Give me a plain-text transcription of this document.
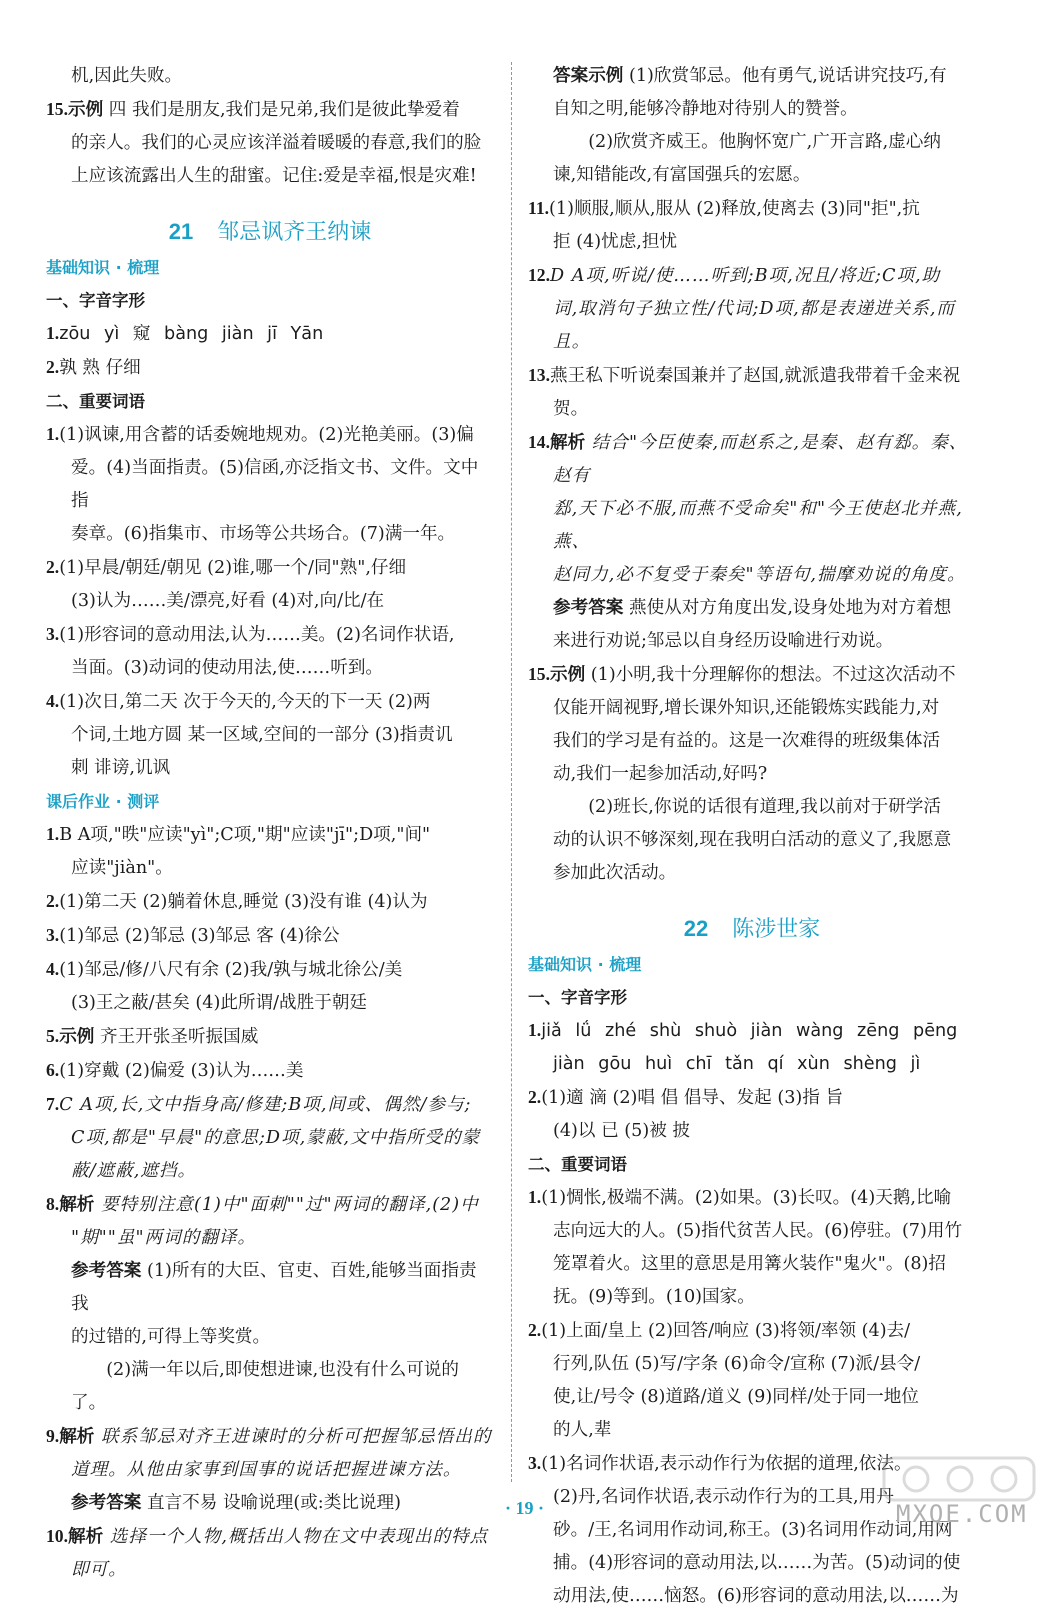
机,因此失败。

15.示例 四 我们是朋友,我们是兄弟,我们是彼此挚爱着

的亲人。我们的心灵应该洋溢着暖暖的春意,我们的脸

上应该流露出人生的甜蜜。记住:爱是幸福,恨是灾难!

21 邹忌讽齐王纳谏

基础知识 · 梳理

一、字音字形

1.zōu yì 窥 bàng jiàn jī Yān

2.孰 熟 仔细

二、重要词语

1.(1)讽谏,用含蓄的话委婉地规劝。(2)光艳美丽。(3)偏

爱。(4)当面指责。(5)信函,亦泛指文书、文件。文中指

奏章。(6)指集市、市场等公共场合。(7)满一年。

2.(1)早晨/朝廷/朝见 (2)谁,哪一个/同"熟",仔细

(3)认为……美/漂亮,好看 (4)对,向/比/在

3.(1)形容词的意动用法,认为……美。(2)名词作状语,

当面。(3)动词的使动用法,使……听到。

4.(1)次日,第二天 次于今天的,今天的下一天 (2)两

个词,土地方圆 某一区域,空间的一部分 (3)指责讥

刺 诽谤,讥讽

课后作业 · 测评

1.B A项,"昳"应读"yì";C项,"期"应读"jī";D项,"间"

应读"jiàn"。

2.(1)第二天 (2)躺着休息,睡觉 (3)没有谁 (4)认为

3.(1)邹忌 (2)邹忌 (3)邹忌 客 (4)徐公

4.(1)邹忌/修/八尺有余 (2)我/孰与城北徐公/美

(3)王之蔽/甚矣 (4)此所谓/战胜于朝廷

5.示例 齐王开张圣听振国威

6.(1)穿戴 (2)偏爱 (3)认为……美

7.C A项,长,文中指身高/修建;B项,间或、偶然/参与;

C项,都是"早晨"的意思;D项,蒙蔽,文中指所受的蒙

蔽/遮蔽,遮挡。

8.解析 要特别注意(1)中"面刺""过"两词的翻译,(2)中

"期""虽"两词的翻译。

参考答案 (1)所有的大臣、官吏、百姓,能够当面指责我

的过错的,可得上等奖赏。

(2)满一年以后,即使想进谏,也没有什么可说的了。

9.解析 联系邹忌对齐王进谏时的分析可把握邹忌悟出的

道理。从他由家事到国事的说话把握进谏方法。

参考答案 直言不易 设喻说理(或:类比说理)

10.解析 选择一个人物,概括出人物在文中表现出的特点

即可。

答案示例 (1)欣赏邹忌。他有勇气,说话讲究技巧,有

自知之明,能够冷静地对待别人的赞誉。

(2)欣赏齐威王。他胸怀宽广,广开言路,虚心纳

谏,知错能改,有富国强兵的宏愿。

11.(1)顺服,顺从,服从 (2)释放,使离去 (3)同"拒",抗

拒 (4)忧虑,担忧

12.D A项,听说/使……听到;B项,况且/将近;C项,助

词,取消句子独立性/代词;D项,都是表递进关系,而且。

13.燕王私下听说秦国兼并了赵国,就派遣我带着千金来祝贺。

14.解析 结合"今臣使秦,而赵系之,是秦、赵有郄。秦、赵有

郄,天下必不服,而燕不受命矣"和"今王使赵北并燕,燕、

赵同力,必不复受于秦矣"等语句,揣摩劝说的角度。

参考答案 燕使从对方角度出发,设身处地为对方着想

来进行劝说;邹忌以自身经历设喻进行劝说。

15.示例 (1)小明,我十分理解你的想法。不过这次活动不

仅能开阔视野,增长课外知识,还能锻炼实践能力,对

我们的学习是有益的。这是一次难得的班级集体活

动,我们一起参加活动,好吗?

(2)班长,你说的话很有道理,我以前对于研学活

动的认识不够深刻,现在我明白活动的意义了,我愿意

参加此次活动。

22 陈涉世家

基础知识 · 梳理

一、字音字形

1.jiǎ lǘ zhé shù shuò jiàn wàng zēng pēng

jiàn gōu huì chī tǎn qí xùn shèng jì

2.(1)適 滴 (2)唱 倡 倡导、发起 (3)指 旨

(4)以 已 (5)被 披

二、重要词语

1.(1)惆怅,极端不满。(2)如果。(3)长叹。(4)天鹅,比喻

志向远大的人。(5)指代贫苦人民。(6)停驻。(7)用竹

笼罩着火。这里的意思是用篝火装作"鬼火"。(8)招

抚。(9)等到。(10)国家。

2.(1)上面/皇上 (2)回答/响应 (3)将领/率领 (4)去/

行列,队伍 (5)写/字条 (6)命令/宣称 (7)派/县令/

使,让/号令 (8)道路/道义 (9)同样/处于同一地位

的人,辈

3.(1)名词作状语,表示动作行为依据的道理,依法。

(2)丹,名词作状语,表示动作行为的工具,用丹

砂。/王,名词用作动词,称王。(3)名词用作动词,用网

捕。(4)形容词的意动用法,以……为苦。(5)动词的使

动用法,使……恼怒。(6)形容词的意动用法,以……为

· 19 ·	MXQE.COM
